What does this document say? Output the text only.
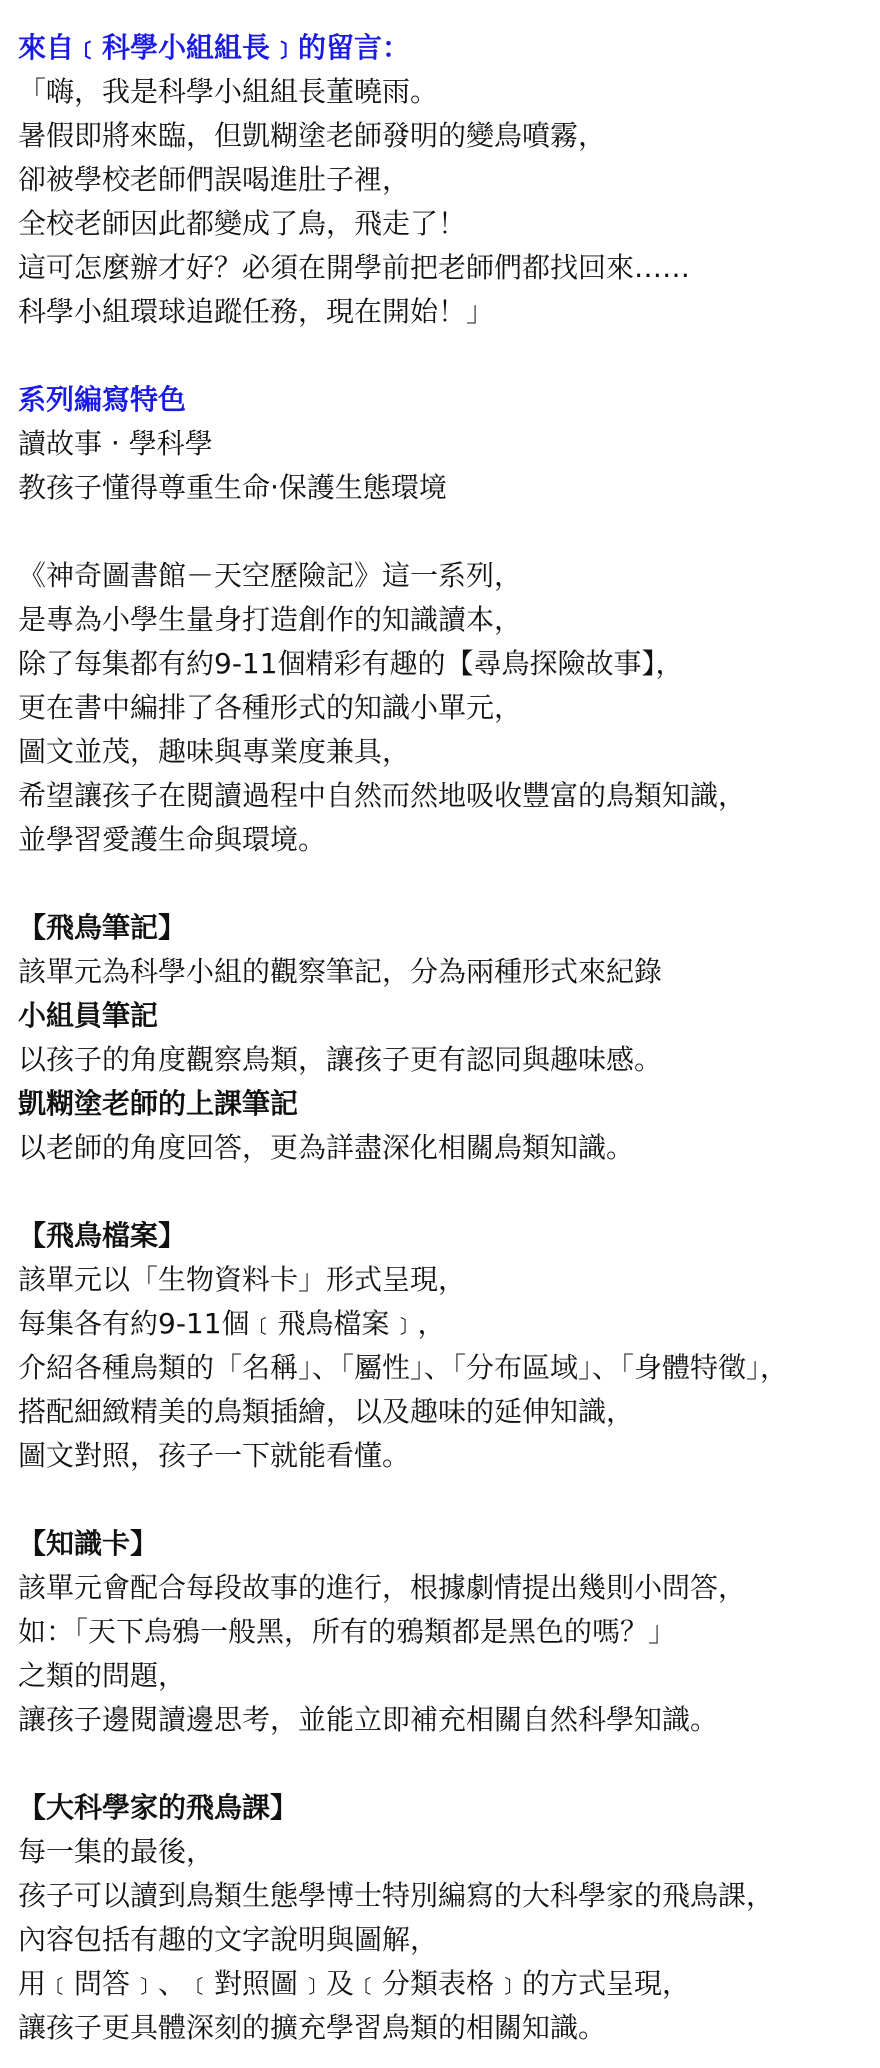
來自﹝科學小組組長﹞的留言：
「嗨，我是科學小組組長董曉雨。
暑假即將來臨，但凱糊塗老師發明的變鳥噴霧，
卻被學校老師們誤喝進肚子裡，
全校老師因此都變成了鳥，飛走了！
這可怎麼辦才好？必須在開學前把老師們都找回來……
科學小組環球追蹤任務，現在開始！」
系列編寫特色
讀故事 ‧ 學科學
教孩子懂得尊重生命‧保護生態環境
《神奇圖書館－天空歷險記》這一系列，
是專為小學生量身打造創作的知識讀本，
除了每集都有約9-11個精彩有趣的【尋鳥探險故事】，
更在書中編排了各種形式的知識小單元，
圖文並茂，趣味與專業度兼具，
希望讓孩子在閱讀過程中自然而然地吸收豐富的鳥類知識，
並學習愛護生命與環境。
【飛鳥筆記】
該單元為科學小組的觀察筆記，分為兩種形式來紀錄
小組員筆記
以孩子的角度觀察鳥類，讓孩子更有認同與趣味感。
凱糊塗老師的上課筆記
以老師的角度回答，更為詳盡深化相關鳥類知識。
【飛鳥檔案】
該單元以「生物資料卡」形式呈現，
每集各有約9-11個﹝飛鳥檔案﹞，
介紹各種鳥類的「名稱」、「屬性」、「分布區域」、「身體特徵」，
搭配細緻精美的鳥類插繪，以及趣味的延伸知識，
圖文對照，孩子一下就能看懂。
【知識卡】
該單元會配合每段故事的進行，根據劇情提出幾則小問答，
如：「天下烏鴉一般黑，所有的鴉類都是黑色的嗎？」
之類的問題，
讓孩子邊閱讀邊思考，並能立即補充相關自然科學知識。
【大科學家的飛鳥課】
每一集的最後，
孩子可以讀到鳥類生態學博士特別編寫的大科學家的飛鳥課，
內容包括有趣的文字說明與圖解，
用﹝問答﹞、﹝對照圖﹞及﹝分類表格﹞的方式呈現，
讓孩子更具體深刻的擴充學習鳥類的相關知識。
